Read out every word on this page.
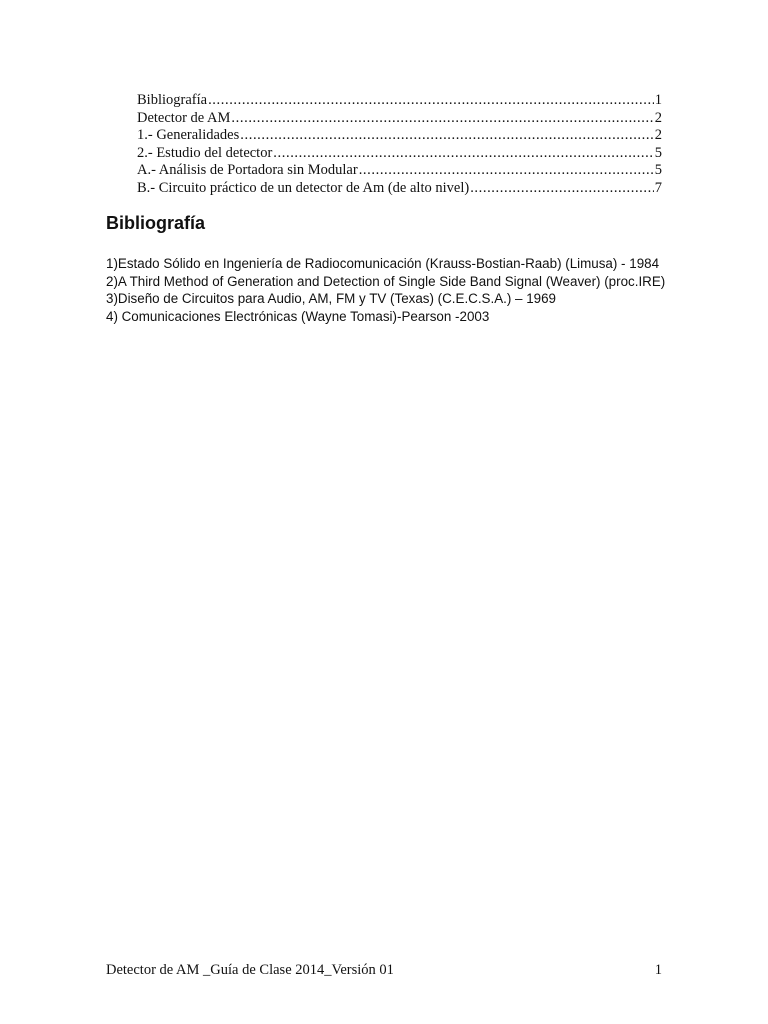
Bibliografía .....	1
Detector de AM .....	2
1.- Generalidades .....	2
2.- Estudio del detector .....	5
A.- Análisis de Portadora sin Modular .....	5
B.- Circuito práctico de un detector de Am (de alto nivel) .....	7
Bibliografía

1)Estado Sólido en Ingeniería de Radiocomunicación (Krauss-Bostian-Raab) (Limusa) - 1984

2)A Third Method of Generation and Detection of Single Side Band Signal (Weaver) (proc.IRE)

3)Diseño de Circuitos para Audio, AM, FM y TV (Texas) (C.E.C.S.A.) – 1969

4) Comunicaciones Electrónicas (Wayne Tomasi)-Pearson -2003

Detector de AM _Guía de Clase 2014_Versión 01	1
